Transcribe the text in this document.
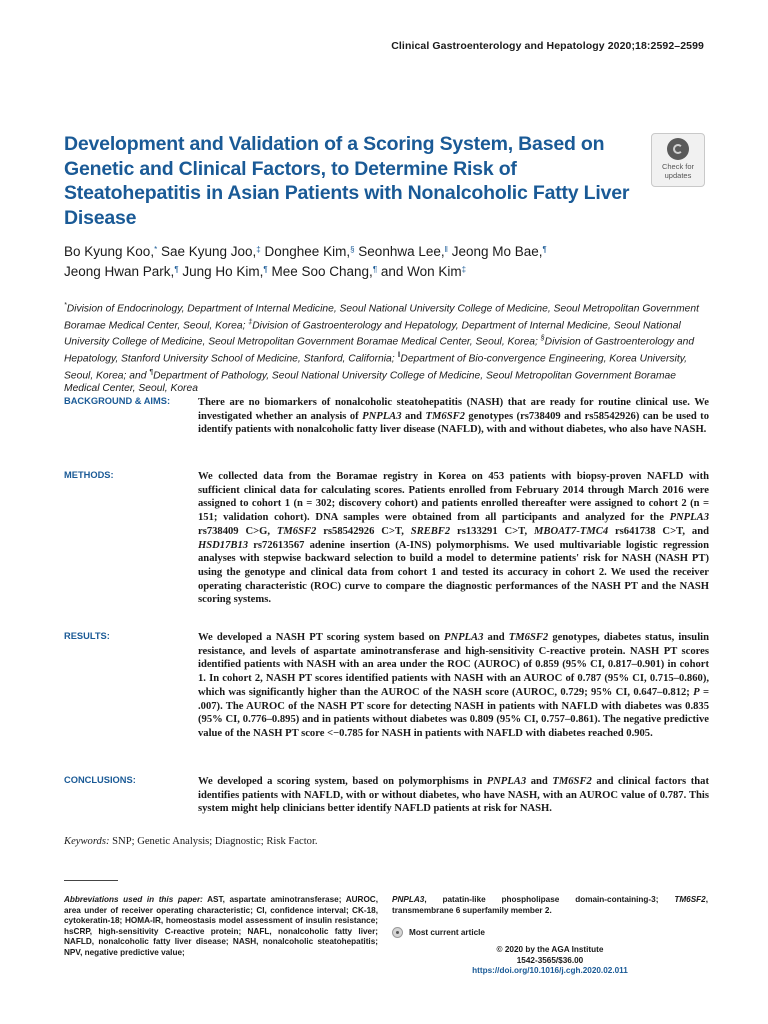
Clinical Gastroenterology and Hepatology 2020;18:2592–2599
Development and Validation of a Scoring System, Based on Genetic and Clinical Factors, to Determine Risk of Steatohepatitis in Asian Patients with Nonalcoholic Fatty Liver Disease
Check for
updates
Bo Kyung Koo,* Sae Kyung Joo,‡ Donghee Kim,§ Seonhwa Lee,‖ Jeong Mo Bae,¶
Jeong Hwan Park,¶ Jung Ho Kim,¶ Mee Soo Chang,¶ and Won Kim‡
*Division of Endocrinology, Department of Internal Medicine, Seoul National University College of Medicine, Seoul Metropolitan Government Boramae Medical Center, Seoul, Korea; ‡Division of Gastroenterology and Hepatology, Department of Internal Medicine, Seoul National University College of Medicine, Seoul Metropolitan Government Boramae Medical Center, Seoul, Korea; §Division of Gastroenterology and Hepatology, Stanford University School of Medicine, Stanford, California; ‖Department of Bio-convergence Engineering, Korea University, Seoul, Korea; and ¶Department of Pathology, Seoul National University College of Medicine, Seoul Metropolitan Government Boramae Medical Center, Seoul, Korea
BACKGROUND & AIMS:	There are no biomarkers of nonalcoholic steatohepatitis (NASH) that are ready for routine clinical use. We investigated whether an analysis of PNPLA3 and TM6SF2 genotypes (rs738409 and rs58542926) can be used to identify patients with nonalcoholic fatty liver disease (NAFLD), with and without diabetes, who also have NASH.
METHODS:	We collected data from the Boramae registry in Korea on 453 patients with biopsy-proven NAFLD with sufficient clinical data for calculating scores. Patients enrolled from February 2014 through March 2016 were assigned to cohort 1 (n = 302; discovery cohort) and patients enrolled thereafter were assigned to cohort 2 (n = 151; validation cohort). DNA samples were obtained from all participants and analyzed for the PNPLA3 rs738409 C>G, TM6SF2 rs58542926 C>T, SREBF2 rs133291 C>T, MBOAT7-TMC4 rs641738 C>T, and HSD17B13 rs72613567 adenine insertion (A-INS) polymorphisms. We used multivariable logistic regression analyses with stepwise backward selection to build a model to determine patients' risk for NASH (NASH PT) using the genotype and clinical data from cohort 1 and tested its accuracy in cohort 2. We used the receiver operating characteristic (ROC) curve to compare the diagnostic performances of the NASH PT and the NASH scoring systems.
RESULTS:	We developed a NASH PT scoring system based on PNPLA3 and TM6SF2 genotypes, diabetes status, insulin resistance, and levels of aspartate aminotransferase and high-sensitivity C-reactive protein. NASH PT scores identified patients with NASH with an area under the ROC (AUROC) of 0.859 (95% CI, 0.817–0.901) in cohort 1. In cohort 2, NASH PT scores identified patients with NASH with an AUROC of 0.787 (95% CI, 0.715–0.860), which was significantly higher than the AUROC of the NASH score (AUROC, 0.729; 95% CI, 0.647–0.812; P = .007). The AUROC of the NASH PT score for detecting NASH in patients with NAFLD with diabetes was 0.835 (95% CI, 0.776–0.895) and in patients without diabetes was 0.809 (95% CI, 0.757–0.861). The negative predictive value of the NASH PT score <−0.785 for NASH in patients with NAFLD with diabetes reached 0.905.
CONCLUSIONS:	We developed a scoring system, based on polymorphisms in PNPLA3 and TM6SF2 and clinical factors that identifies patients with NAFLD, with or without diabetes, who have NASH, with an AUROC value of 0.787. This system might help clinicians better identify NAFLD patients at risk for NASH.
Keywords: SNP; Genetic Analysis; Diagnostic; Risk Factor.
Abbreviations used in this paper: AST, aspartate aminotransferase; AUROC, area under of receiver operating characteristic; CI, confidence interval; CK-18, cytokeratin-18; HOMA-IR, homeostasis model assessment of insulin resistance; hsCRP, high-sensitivity C-reactive protein; NAFL, nonalcoholic fatty liver; NAFLD, nonalcoholic fatty liver disease; NASH, nonalcoholic steatohepatitis; NPV, negative predictive value;
PNPLA3, patatin-like phospholipase domain-containing-3; TM6SF2, transmembrane 6 superfamily member 2.
Most current article
© 2020 by the AGA Institute
1542-3565/$36.00
https://doi.org/10.1016/j.cgh.2020.02.011
